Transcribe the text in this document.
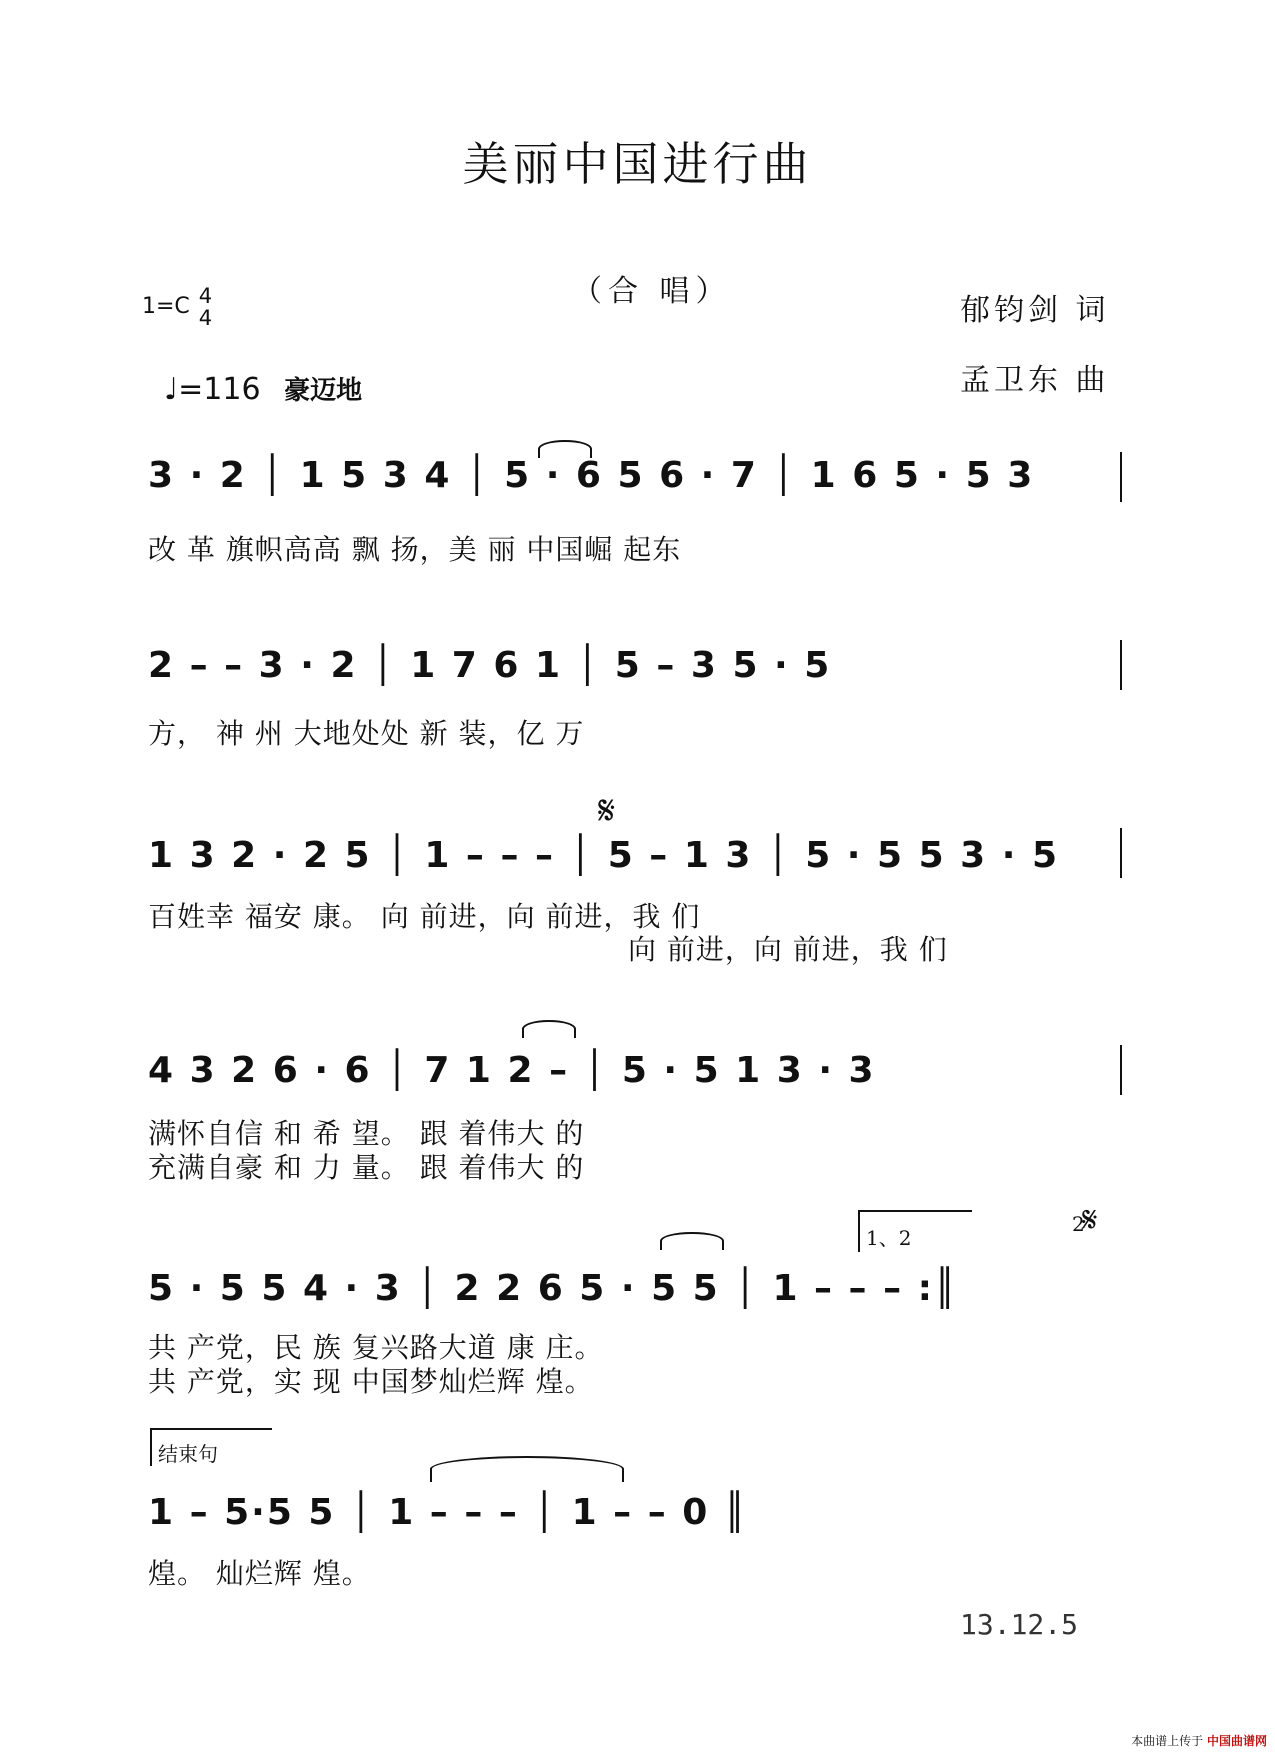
美丽中国进行曲
（合 唱）
1=C 4
4
♩=116 豪迈地
郁钧剑 词
孟卫东 曲
3 · 2 │ 1 5 3 4 │ 5 · 6 5 6 · 7 │ 1 6 5 · 5 3
改 革 旗帜高高 飘 扬，美 丽 中国崛 起东
2 – – 3 · 2 │ 1 7 6 1 │ 5 – 3 5 · 5
方， 神 州 大地处处 新 装，亿 万
𝄋
1 3 2 · 2 5 │ 1 – – – │ 5 – 1 3 │ 5 · 5 5 3 · 5
百姓幸 福安 康。 向 前进，向 前进，我 们
向 前进，向 前进，我 们
4 3 2 6 · 6 │ 7 1 2 – │ 5 · 5 1 3 · 3
满怀自信 和 希 望。 跟 着伟大 的
充满自豪 和 力 量。 跟 着伟大 的
1、2
2
𝄋
5 · 5 5 4 · 3 │ 2 2 6 5 · 5 5 │ 1 – – – :║
共 产党，民 族 复兴路大道 康 庄。
共 产党，实 现 中国梦灿烂辉 煌。
结束句
1 – 5·5 5 │ 1 – – – │ 1 – – 0 ║
煌。 灿烂辉 煌。
13.12.5
本曲谱上传于 中国曲谱网
